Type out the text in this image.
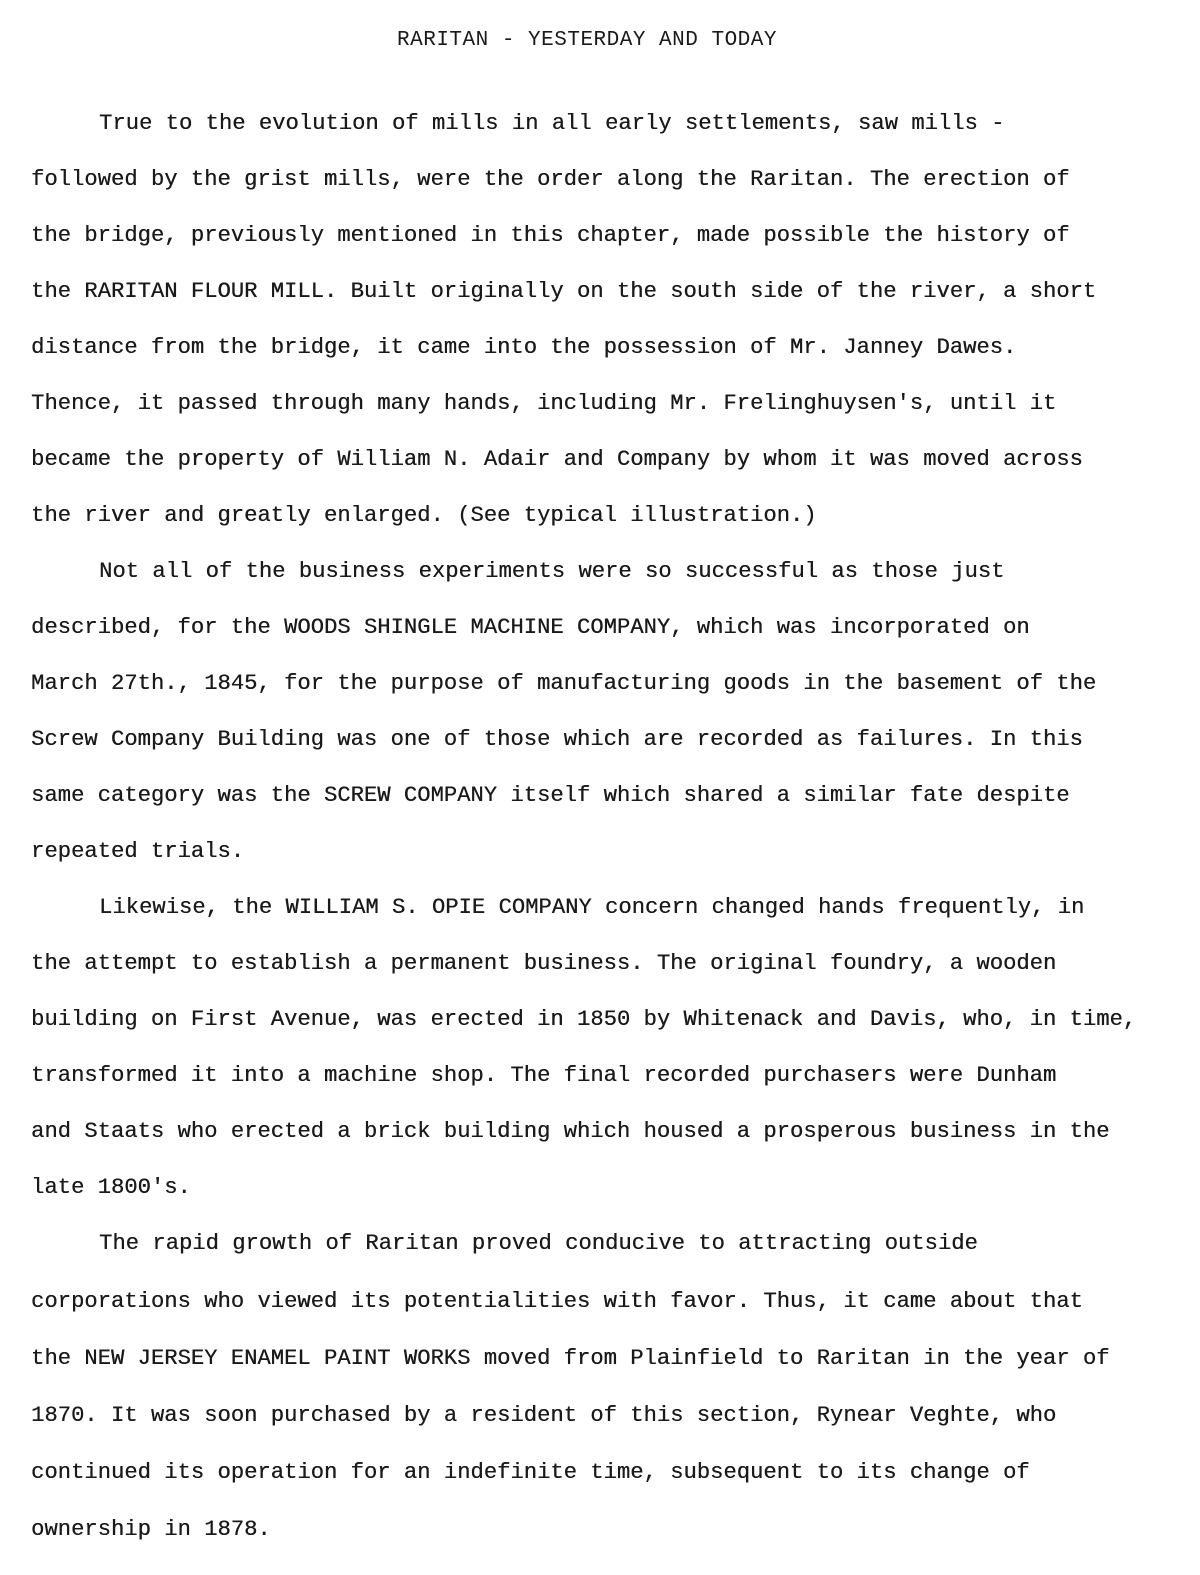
RARITAN - YESTERDAY AND TODAY
True to the evolution of mills in all early settlements, saw mills -
followed by the grist mills, were the order along the Raritan. The erection of
the bridge, previously mentioned in this chapter, made possible the history of
the RARITAN FLOUR MILL. Built originally on the south side of the river, a short
distance from the bridge, it came into the possession of Mr. Janney Dawes.
Thence, it passed through many hands, including Mr. Frelinghuysen's, until it
became the property of William N. Adair and Company by whom it was moved across
the river and greatly enlarged. (See typical illustration.)
Not all of the business experiments were so successful as those just
described, for the WOODS SHINGLE MACHINE COMPANY, which was incorporated on
March 27th., 1845, for the purpose of manufacturing goods in the basement of the
Screw Company Building was one of those which are recorded as failures. In this
same category was the SCREW COMPANY itself which shared a similar fate despite
repeated trials.
Likewise, the WILLIAM S. OPIE COMPANY concern changed hands frequently, in
the attempt to establish a permanent business. The original foundry, a wooden
building on First Avenue, was erected in 1850 by Whitenack and Davis, who, in time,
transformed it into a machine shop. The final recorded purchasers were Dunham
and Staats who erected a brick building which housed a prosperous business in the
late 1800's.
The rapid growth of Raritan proved conducive to attracting outside
corporations who viewed its potentialities with favor. Thus, it came about that
the NEW JERSEY ENAMEL PAINT WORKS moved from Plainfield to Raritan in the year of
1870. It was soon purchased by a resident of this section, Rynear Veghte, who
continued its operation for an indefinite time, subsequent to its change of
ownership in 1878.
